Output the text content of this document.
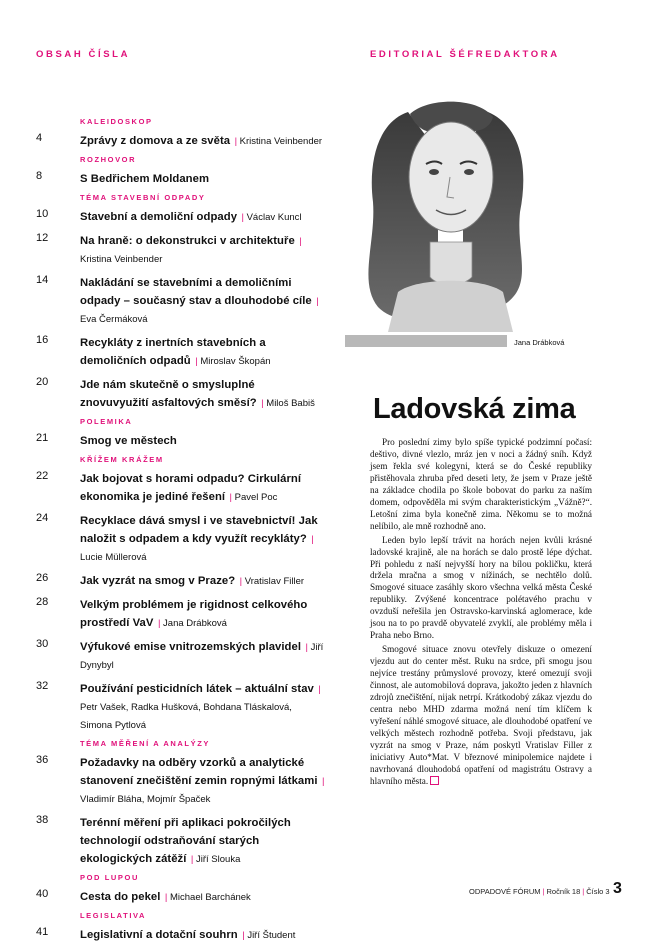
OBSAH ČÍSLA	EDITORIAL ŠÉFREDAKTORA
KALEIDOSKOP
4	Zprávy z domova a ze světa | Kristina Veinbender
ROZHOVOR
8	S Bedřichem Moldanem
TÉMA STAVEBNÍ ODPADY
10	Stavební a demoliční odpady | Václav Kuncl
12	Na hraně: o dekonstrukci v architektuře | Kristina Veinbender
14	Nakládání se stavebními a demoličními odpady – současný stav a dlouhodobé cíle | Eva Čermáková
16	Recykláty z inertních stavebních a demoličních odpadů | Miroslav Škopán
20	Jde nám skutečně o smysluplné znovuvyužití asfaltových směsí? | Miloš Babiš
POLEMIKA
21	Smog ve městech
KŘÍŽEM KRÁŽEM
22	Jak bojovat s horami odpadu? Cirkulární ekonomika je jediné řešení | Pavel Poc
24	Recyklace dává smysl i ve stavebnictví! Jak naložit s odpadem a kdy využít recykláty? | Lucie Müllerová
26	Jak vyzrát na smog v Praze? | Vratislav Filler
28	Velkým problémem je rigidnost celkového prostředí VaV | Jana Drábková
30	Výfukové emise vnitrozemských plavidel | Jiří Dynybyl
32	Používání pesticidních látek – aktuální stav | Petr Vašek, Radka Hušková, Bohdana Tláskalová, Simona Pytlová
TÉMA MĚŘENÍ A ANALÝZY
36	Požadavky na odběry vzorků a analytické stanovení znečištění zemin ropnými látkami | Vladimír Bláha, Mojmír Špaček
38	Terénní měření při aplikaci pokročilých technologií odstraňování starých ekologických zátěží | Jiří Slouka
POD LUPOU
40	Cesta do pekel | Michael Barchánek
LEGISLATIVA
41	Legislativní a dotační souhrn | Jiří Študent
Jana Drábková
Ladovská zima

Pro poslední zimy bylo spíše typické podzimní počasí: deštivo, divné vlezlo, mráz jen v noci a žádný sníh. Když jsem řekla své kolegyni, která se do České republiky přistěhovala zhruba před deseti lety, že jsem v Praze ještě na základce chodila po škole bobovat do parku za naším domem, odpověděla mi svým charakteristickým „Vážně?“. Letošní zima byla konečně zima. Někomu se to možná nelíbilo, ale mně rozhodně ano.

Leden bylo lepší trávit na horách nejen kvůli krásné ladovské krajině, ale na horách se dalo prostě lépe dýchat. Při pohledu z naší nejvyšší hory na bílou pokličku, která držela mračna a smog v nížinách, se nechtělo dolů. Smogové situace zasáhly skoro všechna velká města České republiky. Zvýšené koncentrace polétavého prachu v ovzduší neřešila jen Ostravsko-karvinská aglomerace, kde jsou na to po pravdě obyvatelé zvyklí, ale problémy měla i Praha nebo Brno.

Smogové situace znovu otevřely diskuze o omezení vjezdu aut do center měst. Ruku na srdce, při smogu jsou nejvíce trestány průmyslové provozy, které omezují svoji činnost, ale automobilová doprava, jakožto jeden z hlavních zdrojů znečištění, nijak netrpí. Krátkodobý zákaz vjezdu do centra nebo MHD zdarma možná není tím klíčem k vyřešení náhlé smogové situace, ale dlouhodobé opatření ve velkých městech rozhodně potřeba. Svoji představu, jak vyzrát na smog v Praze, nám poskytl Vratislav Filler z iniciativy Auto*Mat. V březnové minipolemice najdete i navrhovaná dlouhodobá opatření od magistrátu Ostravy a hlavního města.

ODPADOVÉ FÓRUM | Ročník 18 | Číslo 3 3
